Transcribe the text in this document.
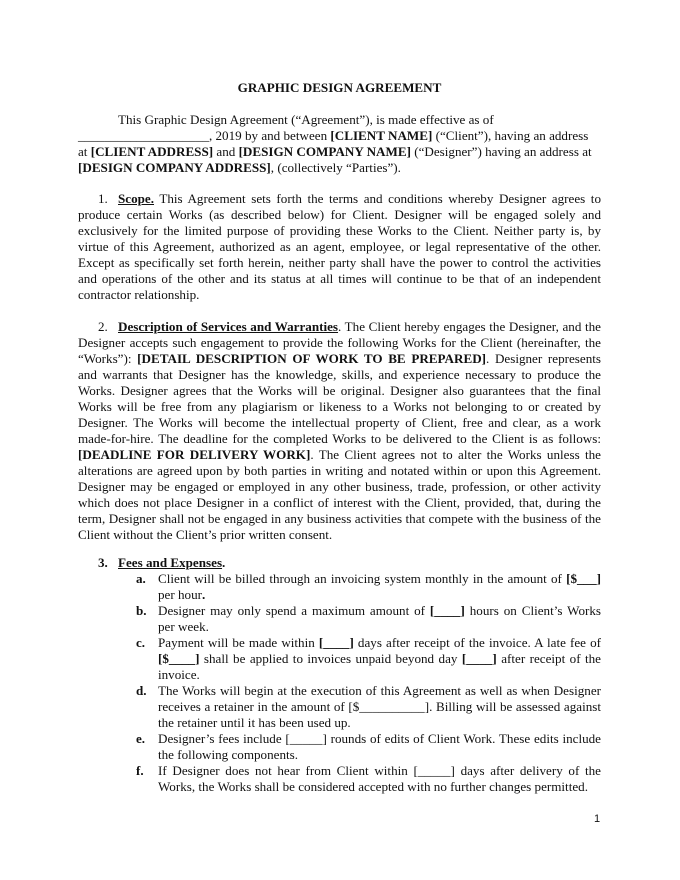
GRAPHIC DESIGN AGREEMENT

This Graphic Design Agreement (“Agreement”), is made effective as of

____________________, 2019 by and between [CLIENT NAME] (“Client”), having an address at [CLIENT ADDRESS] and [DESIGN COMPANY NAME] (“Designer”) having an address at [DESIGN COMPANY ADDRESS], (collectively “Parties”).

1. Scope. This Agreement sets forth the terms and conditions whereby Designer agrees to produce certain Works (as described below) for Client. Designer will be engaged solely and exclusively for the limited purpose of providing these Works to the Client. Neither party is, by virtue of this Agreement, authorized as an agent, employee, or legal representative of the other. Except as specifically set forth herein, neither party shall have the power to control the activities and operations of the other and its status at all times will continue to be that of an independent contractor relationship.
2. Description of Services and Warranties. The Client hereby engages the Designer, and the Designer accepts such engagement to provide the following Works for the Client (hereinafter, the “Works”): [DETAIL DESCRIPTION OF WORK TO BE PREPARED]. Designer represents and warrants that Designer has the knowledge, skills, and experience necessary to produce the Works. Designer agrees that the Works will be original. Designer also guarantees that the final Works will be free from any plagiarism or likeness to a Works not belonging to or created by Designer. The Works will become the intellectual property of Client, free and clear, as a work made-for-hire. The deadline for the completed Works to be delivered to the Client is as follows: [DEADLINE FOR DELIVERY WORK]. The Client agrees not to alter the Works unless the alterations are agreed upon by both parties in writing and notated within or upon this Agreement. Designer may be engaged or employed in any other business, trade, profession, or other activity which does not place Designer in a conflict of interest with the Client, provided, that, during the term, Designer shall not be engaged in any business activities that compete with the business of the Client without the Client’s prior written consent.
3. Fees and Expenses.
a. Client will be billed through an invoicing system monthly in the amount of [$___] per hour.
b. Designer may only spend a maximum amount of [____] hours on Client’s Works per week.
c. Payment will be made within [____] days after receipt of the invoice. A late fee of [$____] shall be applied to invoices unpaid beyond day [____] after receipt of the invoice.
d. The Works will begin at the execution of this Agreement as well as when Designer receives a retainer in the amount of [$__________]. Billing will be assessed against the retainer until it has been used up.
e. Designer’s fees include [_____] rounds of edits of Client Work. These edits include the following components.
f. If Designer does not hear from Client within [_____] days after delivery of the Works, the Works shall be considered accepted with no further changes permitted.
1
